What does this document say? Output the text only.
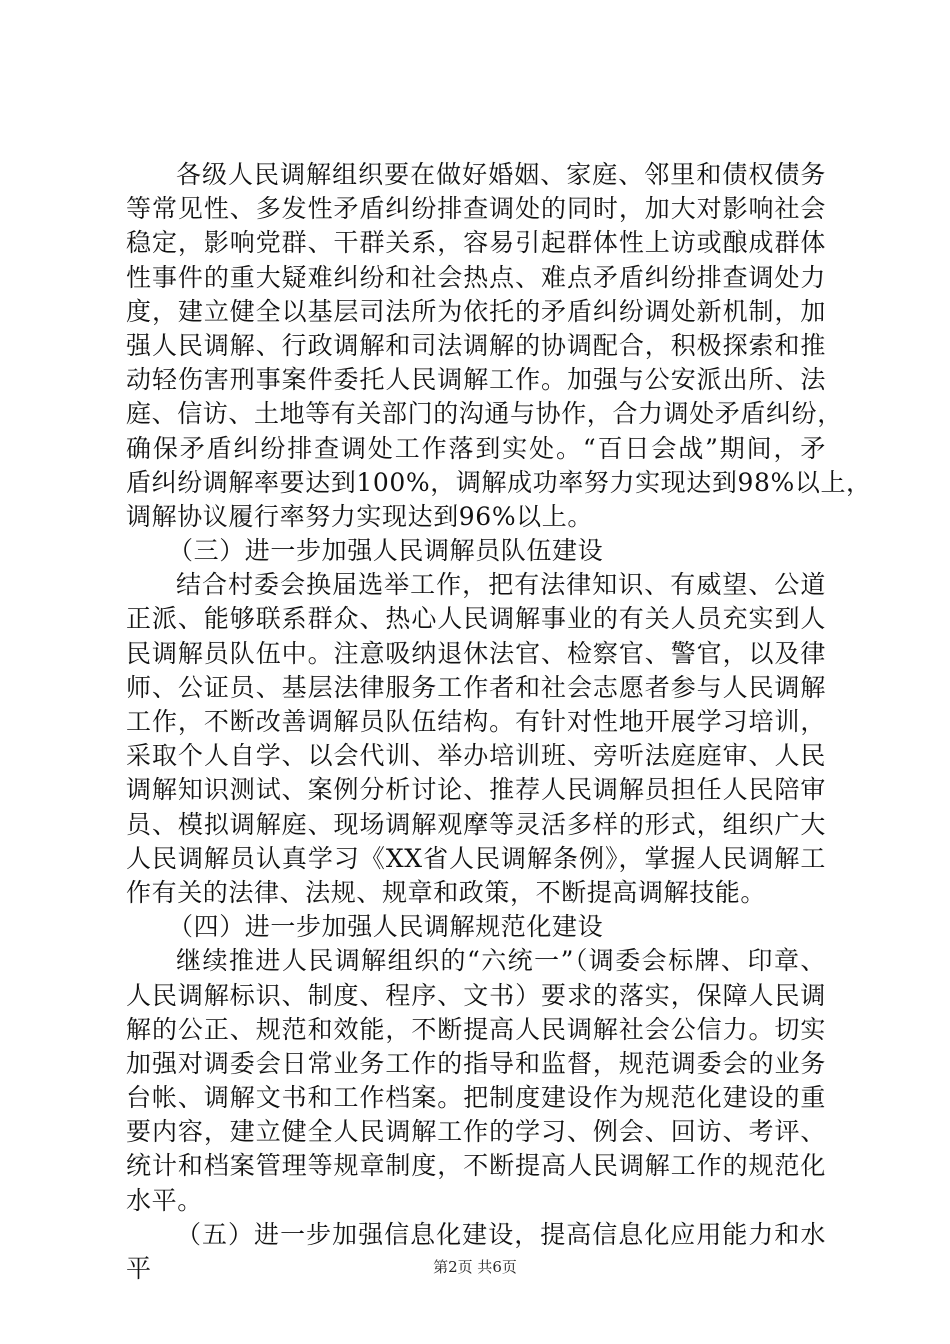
各级人民调解组织要在做好婚姻、家庭、邻里和债权债务
等常见性、多发性矛盾纠纷排查调处的同时，加大对影响社会
稳定，影响党群、干群关系，容易引起群体性上访或酿成群体
性事件的重大疑难纠纷和社会热点、难点矛盾纠纷排查调处力
度，建立健全以基层司法所为依托的矛盾纠纷调处新机制，加
强人民调解、行政调解和司法调解的协调配合，积极探索和推
动轻伤害刑事案件委托人民调解工作。加强与公安派出所、法
庭、信访、土地等有关部门的沟通与协作，合力调处矛盾纠纷，
确保矛盾纠纷排查调处工作落到实处。“百日会战”期间，矛
盾纠纷调解率要达到100%，调解成功率努力实现达到98%以上，
调解协议履行率努力实现达到96%以上。
（三）进一步加强人民调解员队伍建设
结合村委会换届选举工作，把有法律知识、有威望、公道
正派、能够联系群众、热心人民调解事业的有关人员充实到人
民调解员队伍中。注意吸纳退休法官、检察官、警官，以及律
师、公证员、基层法律服务工作者和社会志愿者参与人民调解
工作，不断改善调解员队伍结构。有针对性地开展学习培训，
采取个人自学、以会代训、举办培训班、旁听法庭庭审、人民
调解知识测试、案例分析讨论、推荐人民调解员担任人民陪审
员、模拟调解庭、现场调解观摩等灵活多样的形式，组织广大
人民调解员认真学习《XX省人民调解条例》，掌握人民调解工
作有关的法律、法规、规章和政策，不断提高调解技能。
（四）进一步加强人民调解规范化建设
继续推进人民调解组织的“六统一”（调委会标牌、印章、
人民调解标识、制度、程序、文书）要求的落实，保障人民调
解的公正、规范和效能，不断提高人民调解社会公信力。切实
加强对调委会日常业务工作的指导和监督，规范调委会的业务
台帐、调解文书和工作档案。把制度建设作为规范化建设的重
要内容，建立健全人民调解工作的学习、例会、回访、考评、
统计和档案管理等规章制度，不断提高人民调解工作的规范化
水平。
（五）进一步加强信息化建设，提高信息化应用能力和水
平	第2页 共6页
